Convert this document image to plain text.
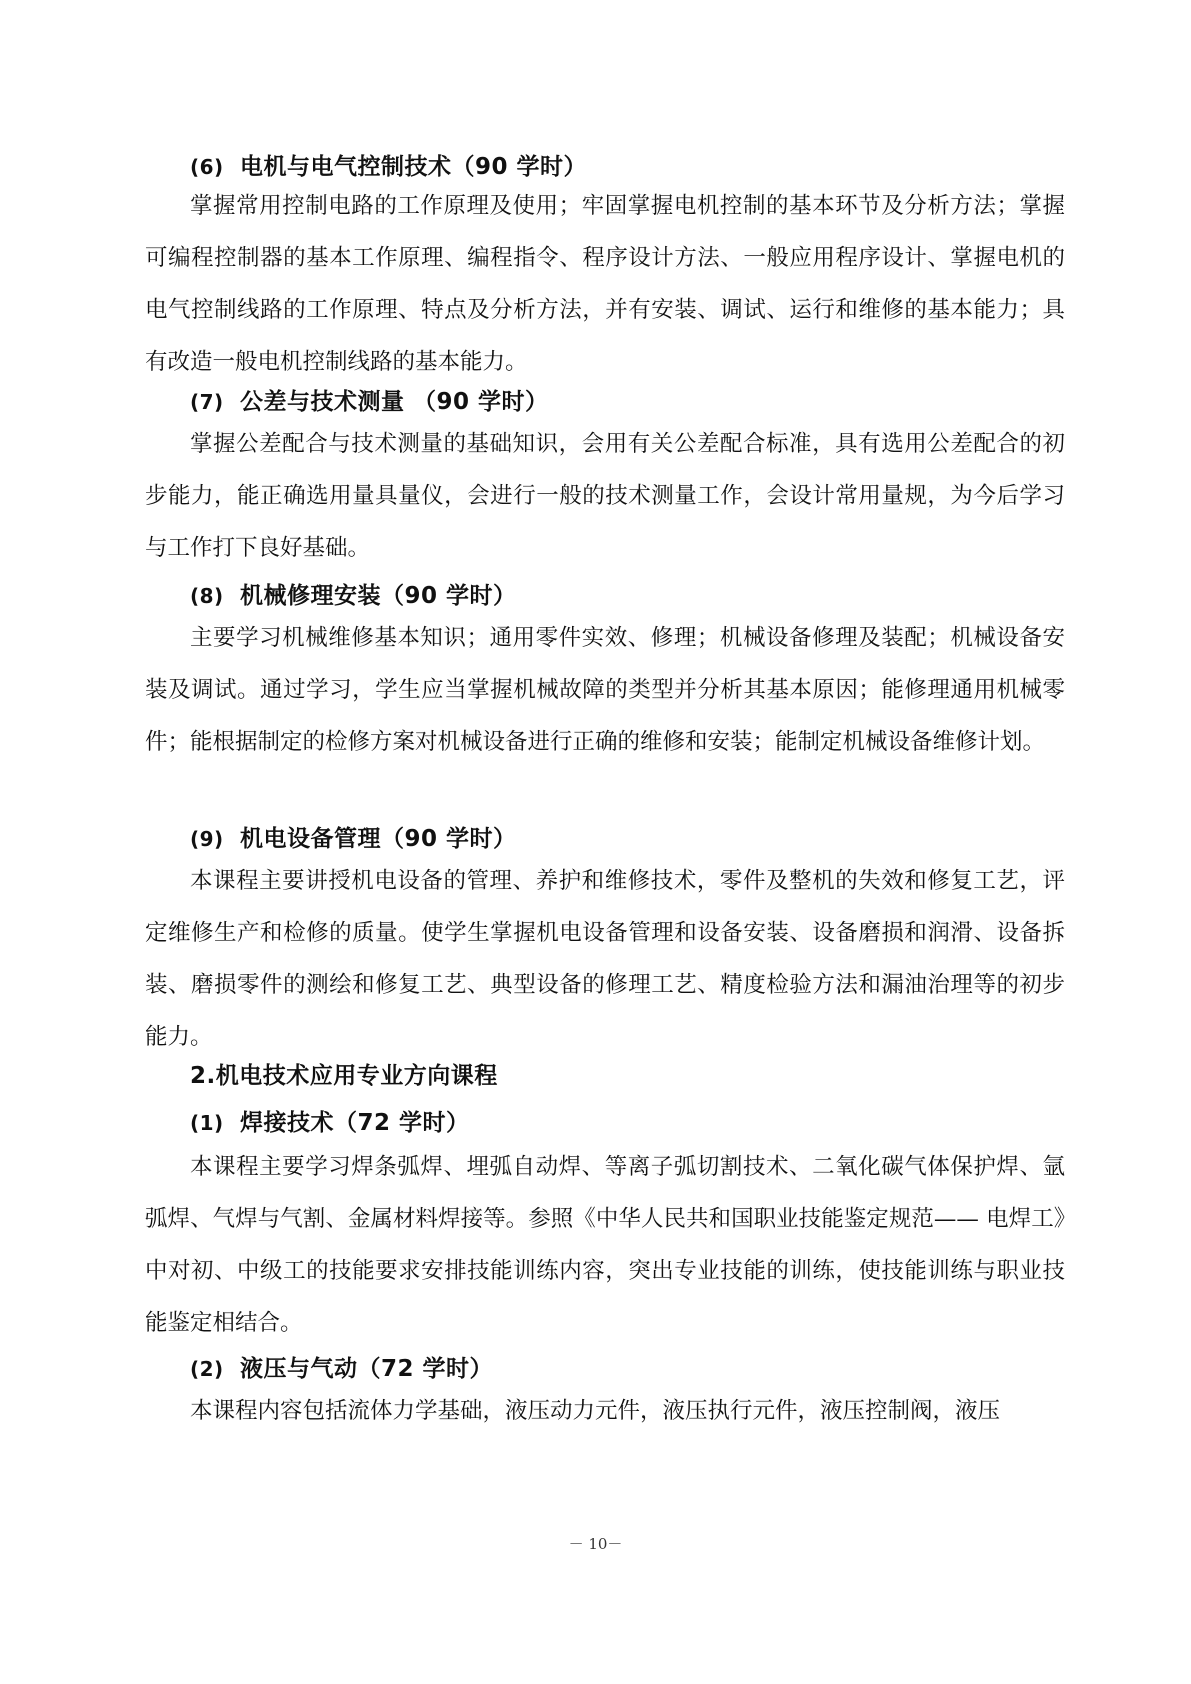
(6) 电机与电气控制技术（90 学时）

掌握常用控制电路的工作原理及使用；牢固掌握电机控制的基本环节及分析方法；掌握可编程控制器的基本工作原理、编程指令、程序设计方法、一般应用程序设计、掌握电机的电气控制线路的工作原理、特点及分析方法，并有安装、调试、运行和维修的基本能力；具有改造一般电机控制线路的基本能力。

(7) 公差与技术测量 （90 学时）

掌握公差配合与技术测量的基础知识，会用有关公差配合标准，具有选用公差配合的初步能力，能正确选用量具量仪，会进行一般的技术测量工作，会设计常用量规，为今后学习与工作打下良好基础。

(8) 机械修理安装（90 学时）

主要学习机械维修基本知识；通用零件实效、修理；机械设备修理及装配；机械设备安装及调试。通过学习，学生应当掌握机械故障的类型并分析其基本原因；能修理通用机械零件；能根据制定的检修方案对机械设备进行正确的维修和安装；能制定机械设备维修计划。

(9) 机电设备管理（90 学时）

本课程主要讲授机电设备的管理、养护和维修技术，零件及整机的失效和修复工艺，评定维修生产和检修的质量。使学生掌握机电设备管理和设备安装、设备磨损和润滑、设备拆装、磨损零件的测绘和修复工艺、典型设备的修理工艺、精度检验方法和漏油治理等的初步能力。

2.机电技术应用专业方向课程
(1) 焊接技术（72 学时）

本课程主要学习焊条弧焊、埋弧自动焊、等离子弧切割技术、二氧化碳气体保护焊、氩弧焊、气焊与气割、金属材料焊接等。参照《中华人民共和国职业技能鉴定规范—— 电焊工》中对初、中级工的技能要求安排技能训练内容，突出专业技能的训练，使技能训练与职业技能鉴定相结合。

(2) 液压与气动（72 学时）

本课程内容包括流体力学基础，液压动力元件，液压执行元件，液压控制阀，液压

－ 10－
